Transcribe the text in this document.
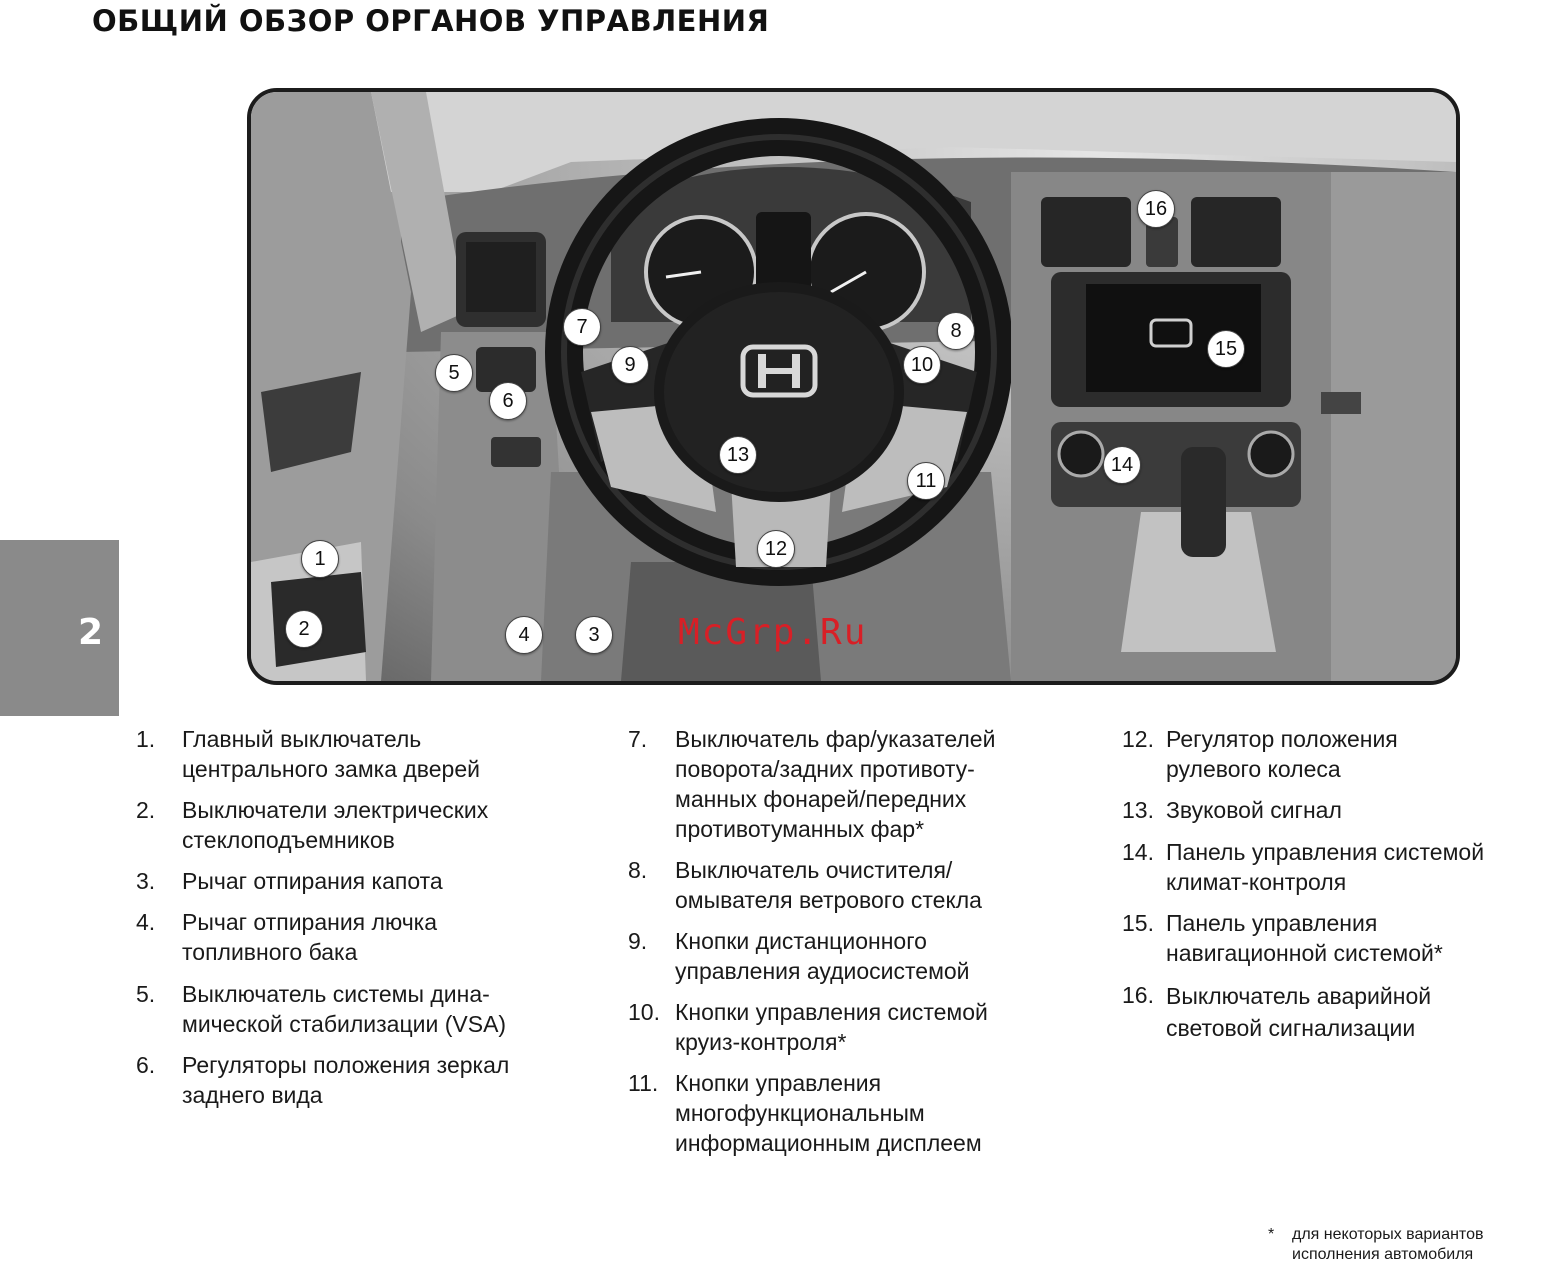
ОБЩИЙ ОБЗОР ОРГАНОВ УПРАВЛЕНИЯ
2
1
2	3
4
5
6
7	8
9	10
11
12
13	14
15
16
McGrp.Ru
1. Главный выключатель
центрального замка дверей
2. Выключатели электрических
стеклоподъемников
3. Рычаг отпирания капота
4. Рычаг отпирания лючка
топливного бака
5. Выключатель системы дина-
мической стабилизации (VSA)
6. Регуляторы положения зеркал
заднего вида
7. Выключатель фар/указателей
поворота/задних противоту-
манных фонарей/передних
противотуманных фар*
8. Выключатель очистителя/
омывателя ветрового стекла
9. Кнопки дистанционного
управления аудиосистемой
10. Кнопки управления системой
круиз-контроля*
11. Кнопки управления
многофункциональным
информационным дисплеем
12. Регулятор положения
рулевого колеса
13. Звуковой сигнал
14. Панель управления системой
климат-контроля
15. Панель управления
навигационной системой*
16. Выключатель аварийной
световой сигнализации
* для некоторых вариантов
исполнения автомобиля
